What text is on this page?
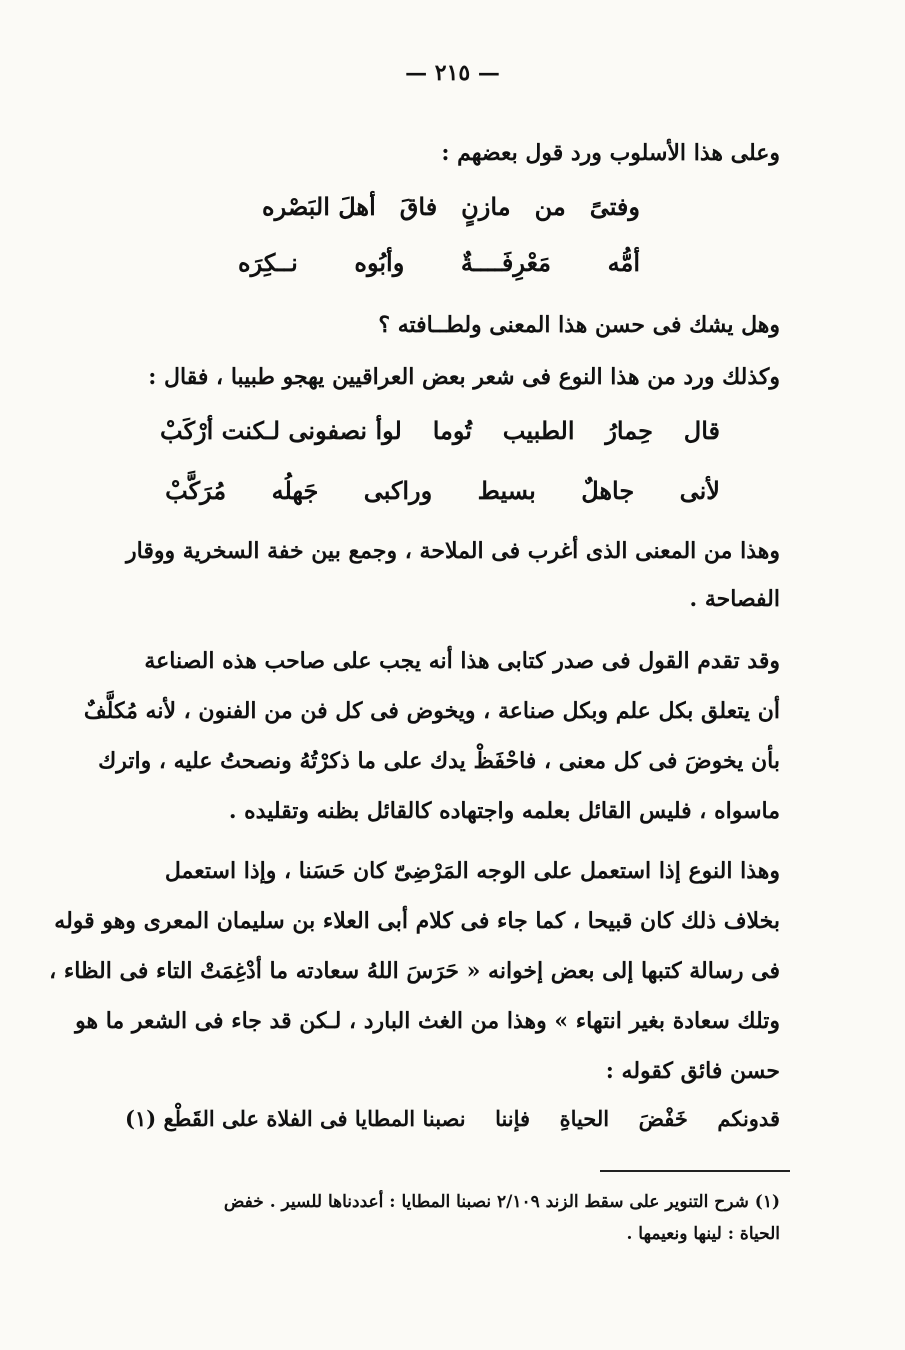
— ٢١٥ —
وعلى هذا الأسلوب ورد قول بعضهم :
وفتىً
من
مازنٍ
فاقَ
أهلَ البَصْره
أمُّه
مَعْرِفَــــةٌ
وأبُوه
نــكِرَه
وهل يشك فى حسن هذا المعنى ولطــافته ؟
وكذلك ورد من هذا النوع فى شعر بعض العراقيين يهجو طبيبا ، فقال :
قال
حِمارُ
الطبيب
تُوما
لوأ نصفونى لـكنت أرْكَبْ
لأنى
جاهلٌ
بسيط
وراكبى
جَهلُه
مُرَكَّبْ
وهذا من المعنى الذى أغرب فى الملاحة ، وجمع بين خفة السخرية ووقار
الفصاحة .
وقد تقدم القول فى صدر كتابى هذا أنه يجب على صاحب هذه الصناعة
أن يتعلق بكل علم وبكل صناعة ، ويخوض فى كل فن من الفنون ، لأنه مُكلَّفٌ
بأن يخوضَ فى كل معنى ، فاحْفَظْ يدك على ما ذكرْتُهُ ونصحتُ عليه ، واترك
ماسواه ، فليس القائل بعلمه واجتهاده كالقائل بظنه وتقليده .
وهذا النوع إذا استعمل على الوجه المَرْضِىّ كان حَسَنا ، وإذا استعمل
بخلاف ذلك كان قبيحا ، كما جاء فى كلام أبى العلاء بن سليمان المعرى وهو قوله
فى رسالة كتبها إلى بعض إخوانه « حَرَسَ اللهُ سعادته ما أدْغِمَتْ التاء فى الظاء ،
وتلك سعادة بغير انتهاء » وهذا من الغث البارد ، لـكن قد جاء فى الشعر ما هو
حسن فائق كقوله :
قدونكم
خَفْضَ
الحياةِ
فإننا
نصبنا المطايا فى الفلاة على القَطْع (١)
(١) شرح التنوير على سقط الزند ٢/١٠٩ نصبنا المطايا : أعددناها للسير . خفض
الحياة : لينها ونعيمها .
